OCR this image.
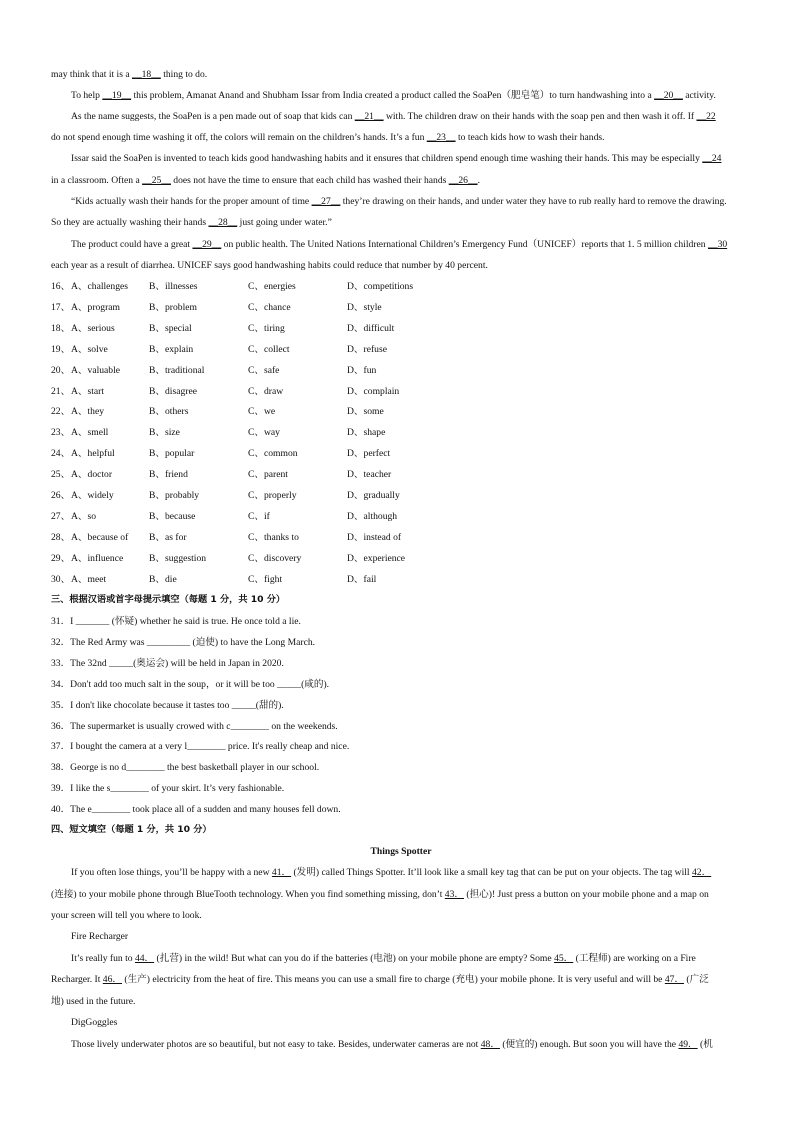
may think that it is a __18__ thing to do.
To help __19__ this problem, Amanat Anand and Shubham Issar from India created a product called the SoaPen（肥皂笔）to turn handwashing into a __20__ activity.
As the name suggests, the SoaPen is a pen made out of soap that kids can __21__ with. The children draw on their hands with the soap pen and then wash it off. If __22
do not spend enough time washing it off, the colors will remain on the children’s hands. It’s a fun __23__ to teach kids how to wash their hands.
Issar said the SoaPen is invented to teach kids good handwashing habits and it ensures that children spend enough time washing their hands. This may be especially __24
in a classroom. Often a __25__ does not have the time to ensure that each child has washed their hands __26__.
“Kids actually wash their hands for the proper amount of time __27__ they’re drawing on their hands, and under water they have to rub really hard to remove the drawing.
So they are actually washing their hands __28__ just going under water.”
The product could have a great __29__ on public health. The United Nations International Children’s Emergency Fund（UNICEF）reports that 1. 5 million children __30
each year as a result of diarrhea. UNICEF says good handwashing habits could reduce that number by 40 percent.
16、 A、challenges B、illnesses	C、energies	D、competitions
17、 A、program	B、problem	C、chance	D、style
18、 A、serious	B、special	C、tiring	D、difficult
19、 A、solve	B、explain	C、collect	D、refuse
20、 A、valuable	B、traditional	C、safe	D、fun
21、 A、start	B、disagree	C、draw	D、complain
22、 A、they	B、others	C、we	D、some
23、 A、smell	B、size	C、way	D、shape
24、 A、helpful	B、popular	C、common	D、perfect
25、 A、doctor	B、friend	C、parent	D、teacher
26、 A、widely	B、probably	C、properly	D、gradually
27、 A、so	B、because	C、if	D、although
28、 A、because of B、as for	C、thanks to	D、instead of
29、 A、influence	B、suggestion	C、discovery	D、experience
30、 A、meet	B、die	C、fight	D、fail
三、根据汉语或首字母提示填空（每题 1 分，共 10 分）
31．I _______ (怀疑) whether he said is true. He once told a lie.
32．The Red Army was _________ (迫使) to have the Long March.
33．The 32nd _____(奥运会) will be held in Japan in 2020.
34．Don't add too much salt in the soup，or it will be too _____(咸的).
35．I don't like chocolate because it tastes too _____(甜的).
36．The supermarket is usually crowed with c________ on the weekends.
37．I bought the camera at a very l________ price. It's really cheap and nice.
38．George is no d________ the best basketball player in our school.
39．I like the s________ of your skirt. It’s very fashionable.
40．The e________ took place all of a sudden and many houses fell down.
四、短文填空（每题 1 分，共 10 分）
Things Spotter
If you often lose things, you’ll be happy with a new 41． (发明) called Things Spotter. It’ll look like a small key tag that can be put on your objects. The tag will 42．
(连接) to your mobile phone through BlueTooth technology. When you find something missing, don’t 43． (担心)! Just press a button on your mobile phone and a map on
your screen will tell you where to look.
Fire Recharger
It’s really fun to 44． (扎营) in the wild! But what can you do if the batteries (电池) on your mobile phone are empty? Some 45． (工程师) are working on a Fire
Recharger. It 46． (生产) electricity from the heat of fire. This means you can use a small fire to charge (充电) your mobile phone. It is very useful and will be 47． (广泛
地) used in the future.
DigGoggles
Those lively underwater photos are so beautiful, but not easy to take. Besides, underwater cameras are not 48． (便宜的) enough. But soon you will have the 49． (机
